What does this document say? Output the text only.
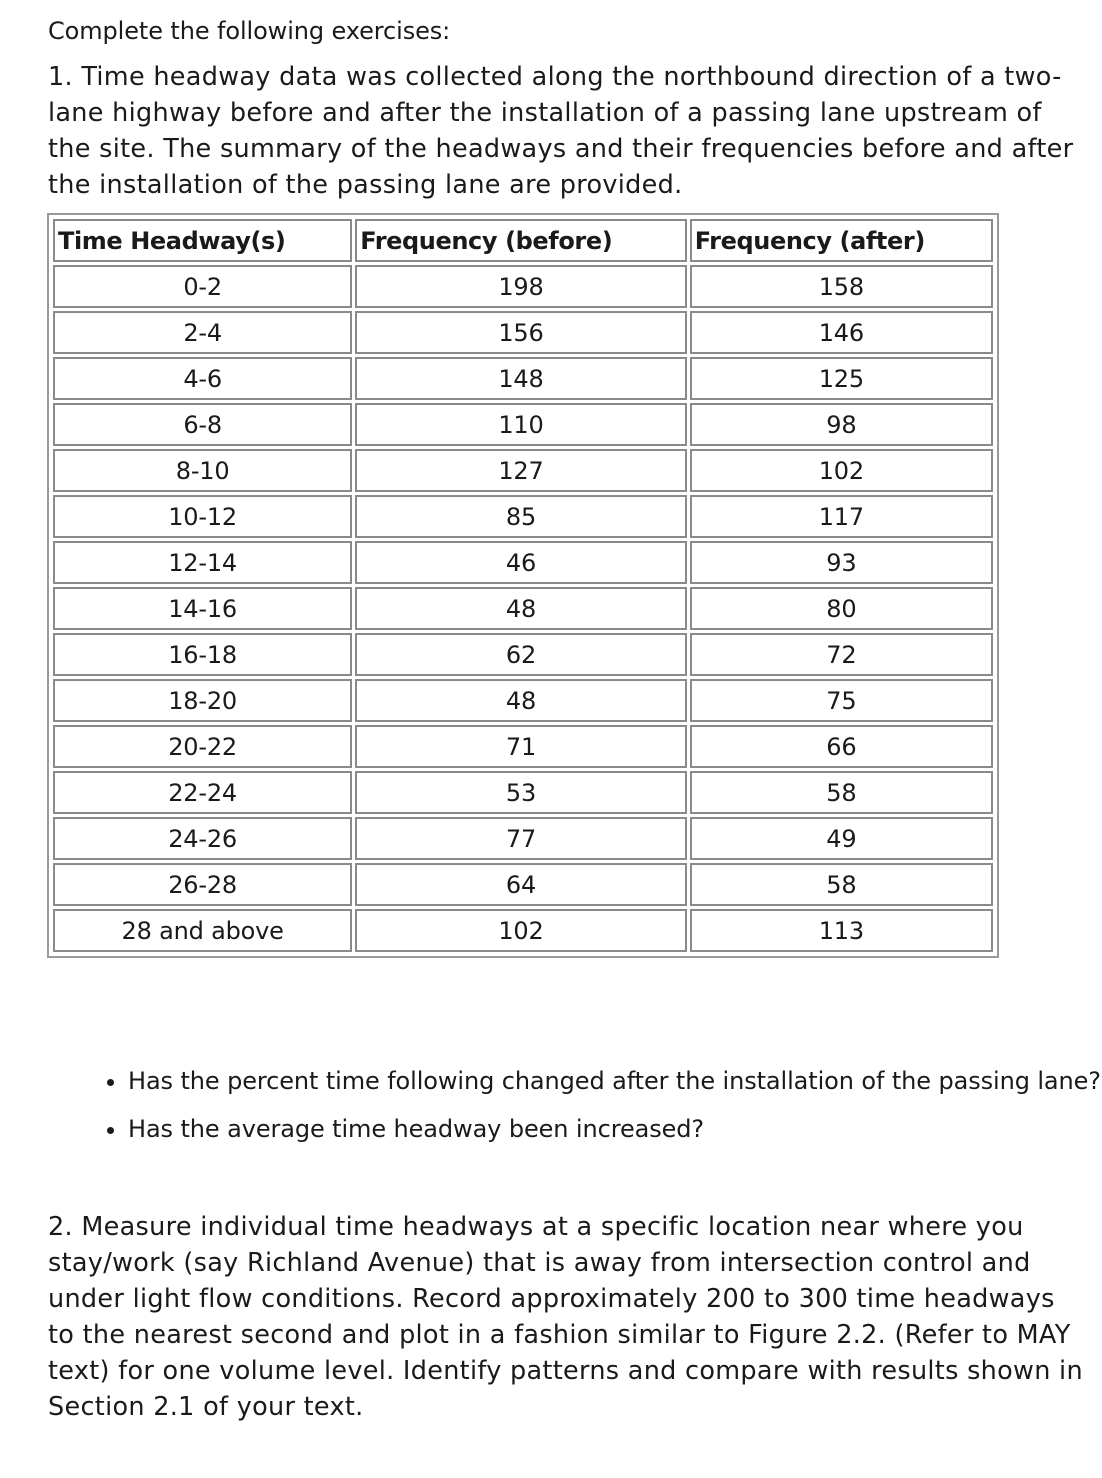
Complete the following exercises:

1. Time headway data was collected along the northbound direction of a two-lane highway before and after the installation of a passing lane upstream of the site. The summary of the headways and their frequencies before and after the installation of the passing lane are provided.

Time Headway(s)	Frequency (before)	Frequency (after)
0-2	198	158
2-4	156	146
4-6	148	125
6-8	110	98
8-10	127	102
10-12	85	117
12-14	46	93
14-16	48	80
16-18	62	72
18-20	48	75
20-22	71	66
22-24	53	58
24-26	77	49
26-28	64	58
28 and above	102	113
• Has the percent time following changed after the installation of the passing lane?
• Has the average time headway been increased?

2. Measure individual time headways at a specific location near where you stay/work (say Richland Avenue) that is away from intersection control and under light flow conditions. Record approximately 200 to 300 time headways to the nearest second and plot in a fashion similar to Figure 2.2. (Refer to MAY text) for one volume level. Identify patterns and compare with results shown in Section 2.1 of your text.
